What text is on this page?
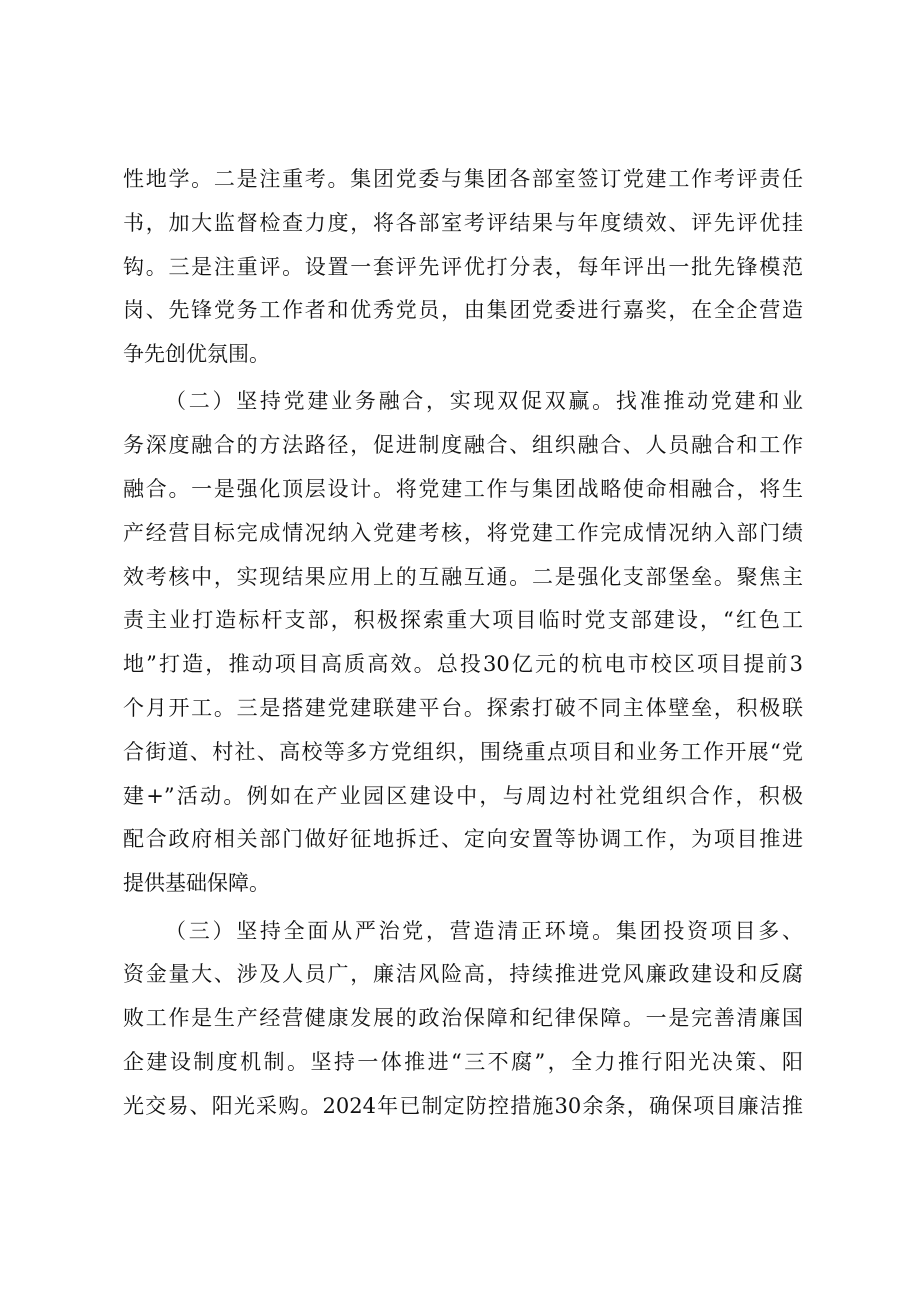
性地学。二是注重考。集团党委与集团各部室签订党建工作考评责任
书，加大监督检查力度，将各部室考评结果与年度绩效、评先评优挂
钩。三是注重评。设置一套评先评优打分表，每年评出一批先锋模范
岗、先锋党务工作者和优秀党员，由集团党委进行嘉奖，在全企营造
争先创优氛围。
（二）坚持党建业务融合，实现双促双赢。找准推动党建和业
务深度融合的方法路径，促进制度融合、组织融合、人员融合和工作
融合。一是强化顶层设计。将党建工作与集团战略使命相融合，将生
产经营目标完成情况纳入党建考核，将党建工作完成情况纳入部门绩
效考核中，实现结果应用上的互融互通。二是强化支部堡垒。聚焦主
责主业打造标杆支部，积极探索重大项目临时党支部建设，“红色工
地”打造，推动项目高质高效。总投30亿元的杭电市校区项目提前3
个月开工。三是搭建党建联建平台。探索打破不同主体壁垒，积极联
合街道、村社、高校等多方党组织，围绕重点项目和业务工作开展“党
建+”活动。例如在产业园区建设中，与周边村社党组织合作，积极
配合政府相关部门做好征地拆迁、定向安置等协调工作，为项目推进
提供基础保障。
（三）坚持全面从严治党，营造清正环境。集团投资项目多、
资金量大、涉及人员广，廉洁风险高，持续推进党风廉政建设和反腐
败工作是生产经营健康发展的政治保障和纪律保障。一是完善清廉国
企建设制度机制。坚持一体推进“三不腐”，全力推行阳光决策、阳
光交易、阳光采购。2024年已制定防控措施30余条，确保项目廉洁推
